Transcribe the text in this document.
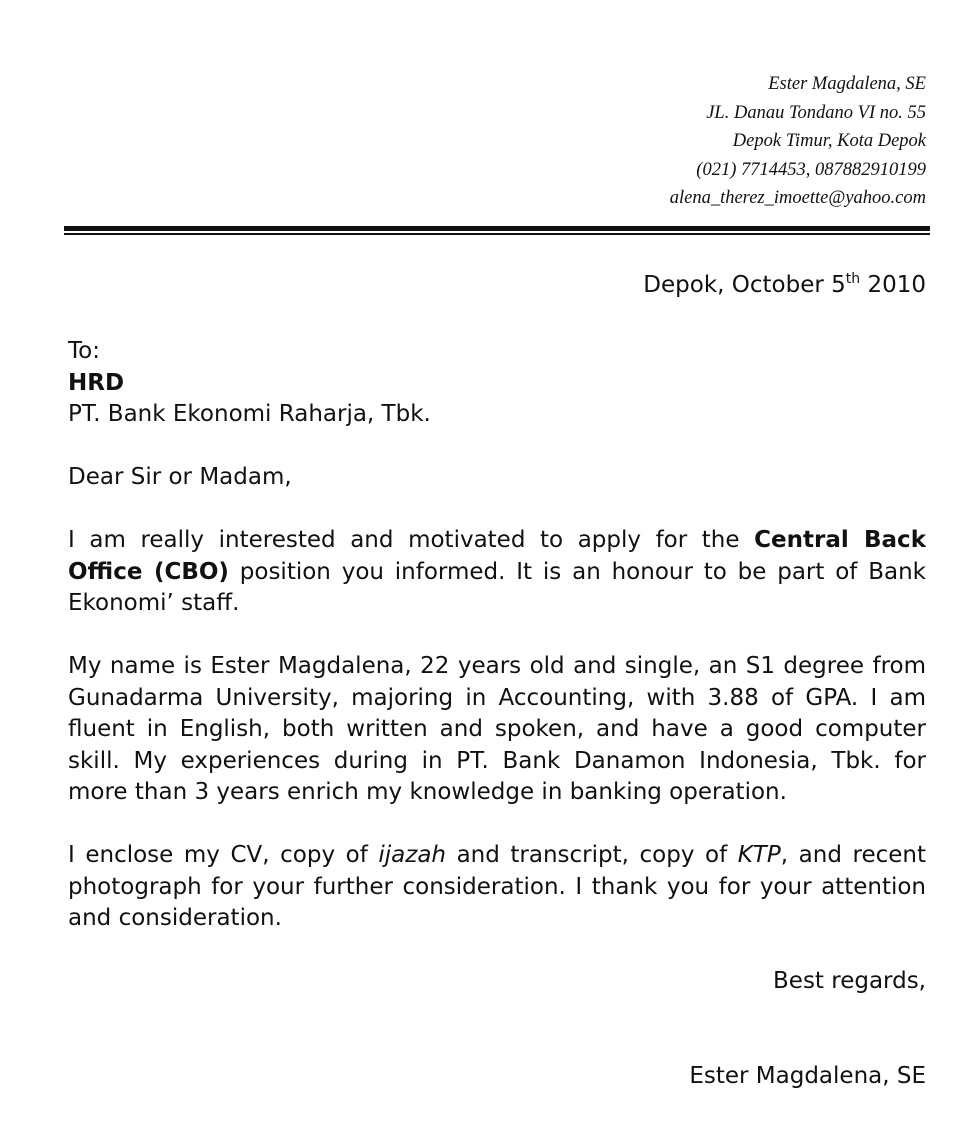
Ester Magdalena, SE
JL. Danau Tondano VI no. 55
Depok Timur, Kota Depok
(021) 7714453, 087882910199
alena_therez_imoette@yahoo.com
Depok, October 5th 2010

To:

HRD

PT. Bank Ekonomi Raharja, Tbk.

Dear Sir or Madam,

I am really interested and motivated to apply for the Central Back Office (CBO) position you informed. It is an honour to be part of Bank Ekonomi’ staff.

My name is Ester Magdalena, 22 years old and single, an S1 degree from Gunadarma University, majoring in Accounting, with 3.88 of GPA. I am fluent in English, both written and spoken, and have a good computer skill. My experiences during in PT. Bank Danamon Indonesia, Tbk. for more than 3 years enrich my knowledge in banking operation.

I enclose my CV, copy of ijazah and transcript, copy of KTP, and recent photograph for your further consideration. I thank you for your attention and consideration.

Best regards,

Ester Magdalena, SE
